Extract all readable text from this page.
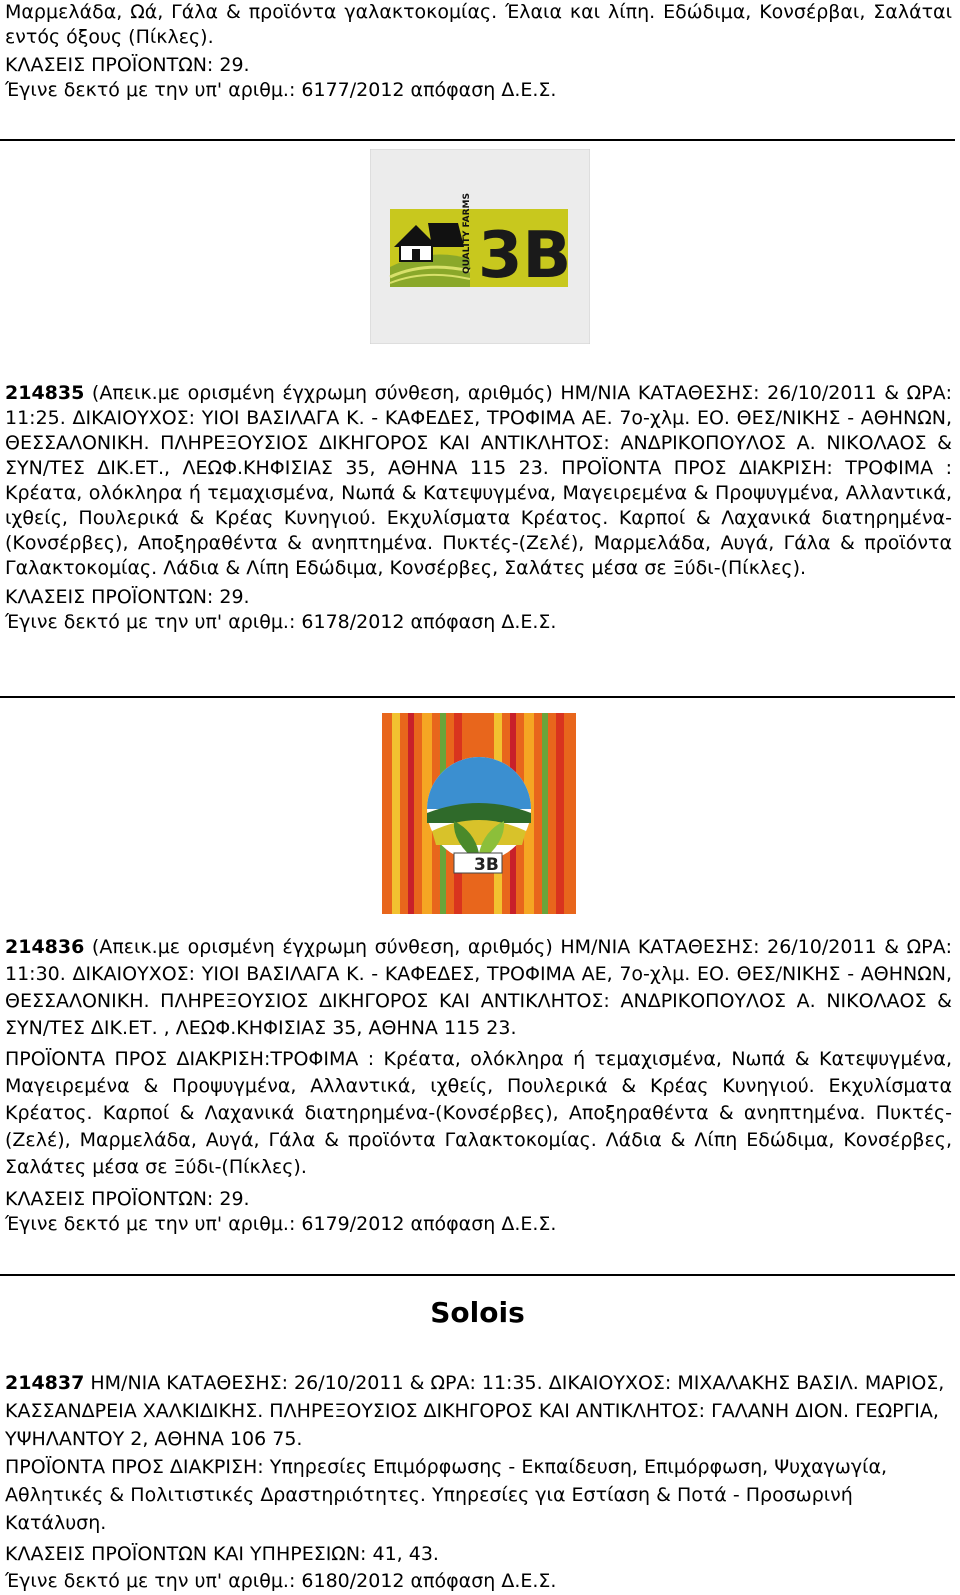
Μαρμελάδα, Ωά, Γάλα & προϊόντα γαλακτοκομίας. Έλαια και λίπη. Εδώδιμα, Κονσέρβαι, Σαλάται εντός όξους (Πίκλες).

ΚΛΑΣΕΙΣ ΠΡΟΪΟΝΤΩΝ: 29.

Έγινε δεκτό με την υπ' αριθμ.: 6177/2012 απόφαση Δ.Ε.Σ.

QUALITY FARMS 3B

214835 (Απεικ.με ορισμένη έγχρωμη σύνθεση, αριθμός) ΗΜ/ΝΙΑ ΚΑΤΑΘΕΣΗΣ: 26/10/2011 & ΩΡΑ: 11:25. ΔΙΚΑΙΟΥΧΟΣ: ΥΙΟΙ ΒΑΣΙΛΑΓΑ Κ. - ΚΑΦΕΔΕΣ, ΤΡΟΦΙΜΑ ΑΕ. 7ο-χλμ. ΕΟ. ΘΕΣ/ΝΙΚΗΣ - ΑΘΗΝΩΝ, ΘΕΣΣΑΛΟΝΙΚΗ. ΠΛΗΡΕΞΟΥΣΙΟΣ ΔΙΚΗΓΟΡΟΣ ΚΑΙ ΑΝΤΙΚΛΗΤΟΣ: ΑΝΔΡΙΚΟΠΟΥΛΟΣ Α. ΝΙΚΟΛΑΟΣ & ΣΥΝ/ΤΕΣ ΔΙΚ.ΕΤ., ΛΕΩΦ.ΚΗΦΙΣΙΑΣ 35, ΑΘΗΝΑ 115 23. ΠΡΟΪΟΝΤΑ ΠΡΟΣ ΔΙΑΚΡΙΣΗ: ΤΡΟΦΙΜΑ : Κρέατα, ολόκληρα ή τεμαχισμένα, Νωπά & Κατεψυγμένα, Μαγειρεμένα & Προψυγμένα, Αλλαντικά, ιχθείς, Πουλερικά & Κρέας Κυνηγιού. Εκχυλίσματα Κρέατος. Καρποί & Λαχανικά διατηρημένα-(Κονσέρβες), Αποξηραθέντα & ανηπτημένα. Πυκτές-(Ζελέ), Μαρμελάδα, Αυγά, Γάλα & προϊόντα Γαλακτοκομίας. Λάδια & Λίπη Εδώδιμα, Κονσέρβες, Σαλάτες μέσα σε Ξύδι-(Πίκλες).

ΚΛΑΣΕΙΣ ΠΡΟΪΟΝΤΩΝ: 29.

Έγινε δεκτό με την υπ' αριθμ.: 6178/2012 απόφαση Δ.Ε.Σ.

3B

214836 (Απεικ.με ορισμένη έγχρωμη σύνθεση, αριθμός) ΗΜ/ΝΙΑ ΚΑΤΑΘΕΣΗΣ: 26/10/2011 & ΩΡΑ: 11:30. ΔΙΚΑΙΟΥΧΟΣ: ΥΙΟΙ ΒΑΣΙΛΑΓΑ Κ. - ΚΑΦΕΔΕΣ, ΤΡΟΦΙΜΑ ΑΕ, 7ο-χλμ. ΕΟ. ΘΕΣ/ΝΙΚΗΣ - ΑΘΗΝΩΝ, ΘΕΣΣΑΛΟΝΙΚΗ. ΠΛΗΡΕΞΟΥΣΙΟΣ ΔΙΚΗΓΟΡΟΣ ΚΑΙ ΑΝΤΙΚΛΗΤΟΣ: ΑΝΔΡΙΚΟΠΟΥΛΟΣ Α. ΝΙΚΟΛΑΟΣ & ΣΥΝ/ΤΕΣ ΔΙΚ.ΕΤ. , ΛΕΩΦ.ΚΗΦΙΣΙΑΣ 35, ΑΘΗΝΑ 115 23.

ΠΡΟΪΟΝΤΑ ΠΡΟΣ ΔΙΑΚΡΙΣΗ:ΤΡΟΦΙΜΑ : Κρέατα, ολόκληρα ή τεμαχισμένα, Νωπά & Κατεψυγμένα, Μαγειρεμένα & Προψυγμένα, Αλλαντικά, ιχθείς, Πουλερικά & Κρέας Κυνηγιού. Εκχυλίσματα Κρέατος. Καρποί & Λαχανικά διατηρημένα-(Κονσέρβες), Αποξηραθέντα & ανηπτημένα. Πυκτές-(Ζελέ), Μαρμελάδα, Αυγά, Γάλα & προϊόντα Γαλακτοκομίας. Λάδια & Λίπη Εδώδιμα, Κονσέρβες, Σαλάτες μέσα σε Ξύδι-(Πίκλες).

ΚΛΑΣΕΙΣ ΠΡΟΪΟΝΤΩΝ: 29.

Έγινε δεκτό με την υπ' αριθμ.: 6179/2012 απόφαση Δ.Ε.Σ.

Solois

214837 ΗΜ/ΝΙΑ ΚΑΤΑΘΕΣΗΣ: 26/10/2011 & ΩΡΑ: 11:35. ΔΙΚΑΙΟΥΧΟΣ: ΜΙΧΑΛΑΚΗΣ ΒΑΣΙΛ. ΜΑΡΙΟΣ, ΚΑΣΣΑΝΔΡΕΙΑ ΧΑΛΚΙΔΙΚΗΣ. ΠΛΗΡΕΞΟΥΣΙΟΣ ΔΙΚΗΓΟΡΟΣ ΚΑΙ ΑΝΤΙΚΛΗΤΟΣ: ΓΑΛΑΝΗ ΔΙΟΝ. ΓΕΩΡΓΙΑ, ΥΨΗΛΑΝΤΟΥ 2, ΑΘΗΝΑ 106 75.

ΠΡΟΪΟΝΤΑ ΠΡΟΣ ΔΙΑΚΡΙΣΗ: Υπηρεσίες Επιμόρφωσης - Εκπαίδευση, Επιμόρφωση, Ψυχαγωγία, Αθλητικές & Πολιτιστικές Δραστηριότητες. Υπηρεσίες για Εστίαση & Ποτά - Προσωρινή Κατάλυση.

ΚΛΑΣΕΙΣ ΠΡΟΪΟΝΤΩΝ ΚΑΙ ΥΠΗΡΕΣΙΩΝ: 41, 43.

Έγινε δεκτό με την υπ' αριθμ.: 6180/2012 απόφαση Δ.Ε.Σ.
